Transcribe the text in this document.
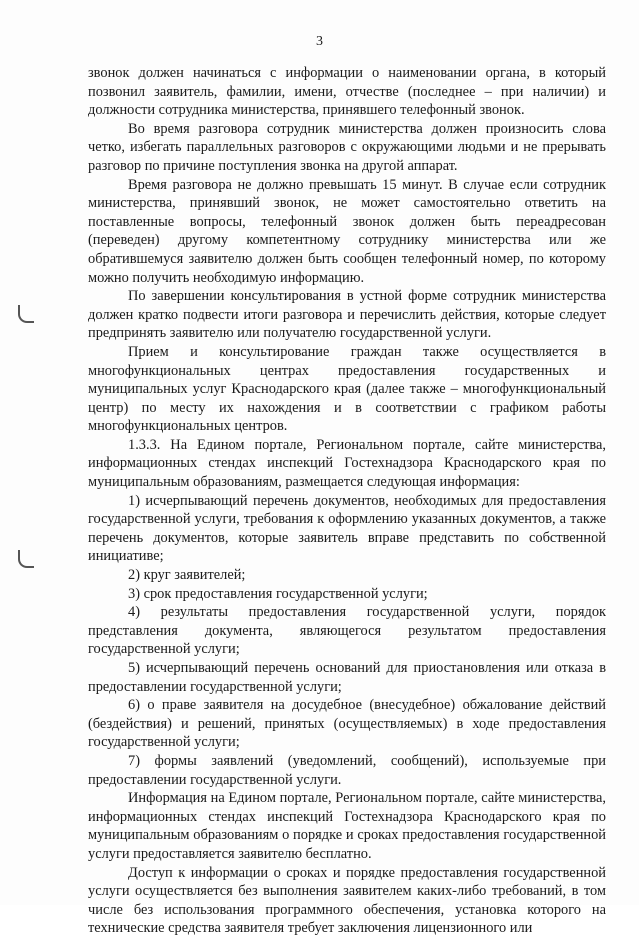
3

звонок должен начинаться с информации о наименовании органа, в который позвонил заявитель, фамилии, имени, отчестве (последнее – при наличии) и должности сотрудника министерства, принявшего телефонный звонок.

Во время разговора сотрудник министерства должен произносить слова четко, избегать параллельных разговоров с окружающими людьми и не прерывать разговор по причине поступления звонка на другой аппарат.

Время разговора не должно превышать 15 минут. В случае если сотрудник министерства, принявший звонок, не может самостоятельно ответить на поставленные вопросы, телефонный звонок должен быть переадресован (переведен) другому компетентному сотруднику министерства или же обратившемуся заявителю должен быть сообщен телефонный номер, по которому можно получить необходимую информацию.

По завершении консультирования в устной форме сотрудник министерства должен кратко подвести итоги разговора и перечислить действия, которые следует предпринять заявителю или получателю государственной услуги.

Прием и консультирование граждан также осуществляется в многофункциональных центрах предоставления государственных и муниципальных услуг Краснодарского края (далее также – многофункциональный центр) по месту их нахождения и в соответствии с графиком работы многофункциональных центров.

1.3.3. На Едином портале, Региональном портале, сайте министерства, информационных стендах инспекций Гостехнадзора Краснодарского края по муниципальным образованиям, размещается следующая информация:

1) исчерпывающий перечень документов, необходимых для предоставления государственной услуги, требования к оформлению указанных документов, а также перечень документов, которые заявитель вправе представить по собственной инициативе;

2) круг заявителей;

3) срок предоставления государственной услуги;

4) результаты предоставления государственной услуги, порядок представления документа, являющегося результатом предоставления государственной услуги;

5) исчерпывающий перечень оснований для приостановления или отказа в предоставлении государственной услуги;

6) о праве заявителя на досудебное (внесудебное) обжалование действий (бездействия) и решений, принятых (осуществляемых) в ходе предоставления государственной услуги;

7) формы заявлений (уведомлений, сообщений), используемые при предоставлении государственной услуги.

Информация на Едином портале, Региональном портале, сайте министерства, информационных стендах инспекций Гостехнадзора Краснодарского края по муниципальным образованиям о порядке и сроках предоставления государственной услуги предоставляется заявителю бесплатно.

Доступ к информации о сроках и порядке предоставления государственной услуги осуществляется без выполнения заявителем каких-либо требований, в том числе без использования программного обеспечения, установка которого на технические средства заявителя требует заключения лицензионного или
